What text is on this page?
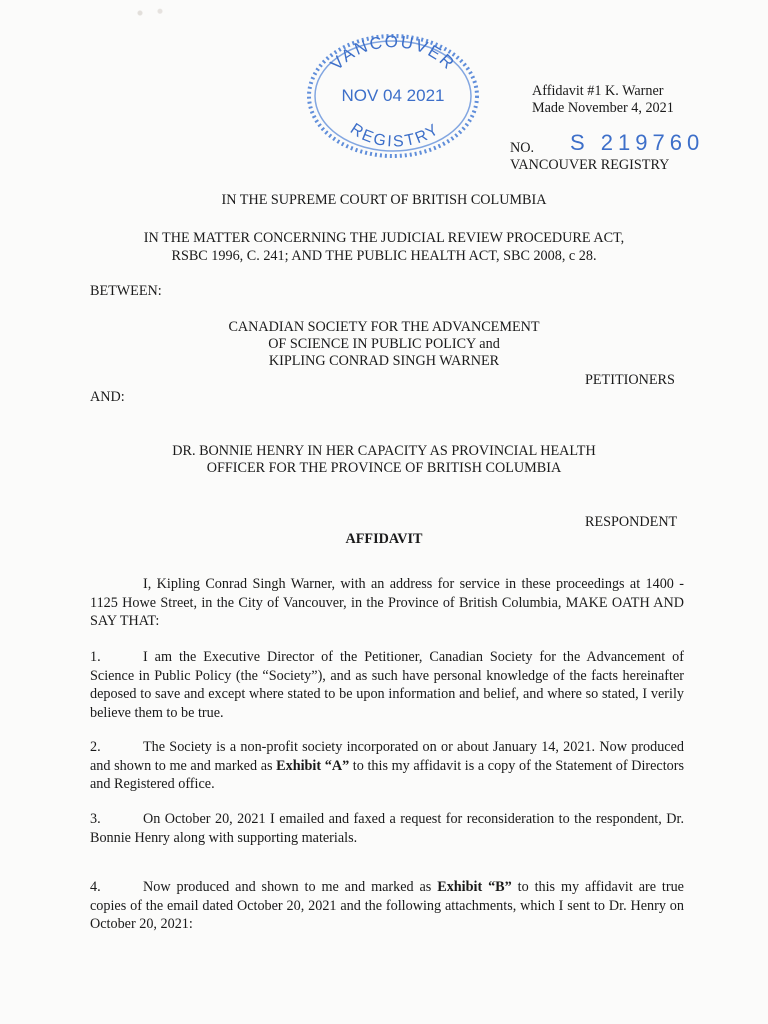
VANCOUVER
NOV 04 2021
REGISTRY
Affidavit #1 K. Warner
Made November 4, 2021
NO. S 219760
VANCOUVER REGISTRY
IN THE SUPREME COURT OF BRITISH COLUMBIA
IN THE MATTER CONCERNING THE JUDICIAL REVIEW PROCEDURE ACT,
RSBC 1996, C. 241; AND THE PUBLIC HEALTH ACT, SBC 2008, c 28.
BETWEEN:
CANADIAN SOCIETY FOR THE ADVANCEMENT
OF SCIENCE IN PUBLIC POLICY and
KIPLING CONRAD SINGH WARNER
PETITIONERS
AND:
DR. BONNIE HENRY IN HER CAPACITY AS PROVINCIAL HEALTH
OFFICER FOR THE PROVINCE OF BRITISH COLUMBIA
RESPONDENT
AFFIDAVIT
I, Kipling Conrad Singh Warner, with an address for service in these proceedings at 1400 - 1125 Howe Street, in the City of Vancouver, in the Province of British Columbia, MAKE OATH AND SAY THAT:
1.	I am the Executive Director of the Petitioner, Canadian Society for the Advancement of Science in Public Policy (the “Society”), and as such have personal knowledge of the facts hereinafter deposed to save and except where stated to be upon information and belief, and where so stated, I verily believe them to be true.
2.	The Society is a non-profit society incorporated on or about January 14, 2021. Now produced and shown to me and marked as Exhibit “A” to this my affidavit is a copy of the Statement of Directors and Registered office.
3.	On October 20, 2021 I emailed and faxed a request for reconsideration to the respondent, Dr. Bonnie Henry along with supporting materials.
4.	Now produced and shown to me and marked as Exhibit “B” to this my affidavit are true copies of the email dated October 20, 2021 and the following attachments, which I sent to Dr. Henry on October 20, 2021:
